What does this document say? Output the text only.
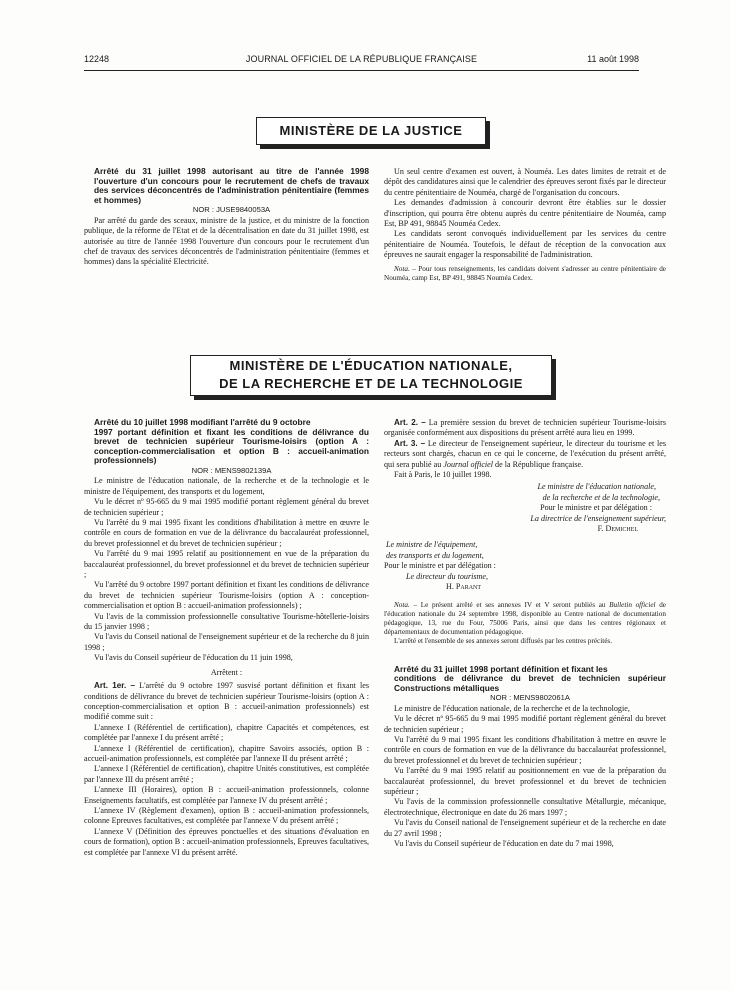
12248	JOURNAL OFFICIEL DE LA RÉPUBLIQUE FRANÇAISE	11 août 1998
MINISTÈRE DE LA JUSTICE

Arrêté du 31 juillet 1998 autorisant au titre de l'année 1998 l'ouverture d'un concours pour le recrutement de chefs de travaux des services déconcentrés de l'administration pénitentiaire (femmes et hommes)

NOR : JUSE9840053A

Par arrêté du garde des sceaux, ministre de la justice, et du ministre de la fonction publique, de la réforme de l'Etat et de la décentralisation en date du 31 juillet 1998, est autorisée au titre de l'année 1998 l'ouverture d'un concours pour le recrutement d'un chef de travaux des services déconcentrés de l'administration pénitentiaire (femmes et hommes) dans la spécialité Electricité.

Un seul centre d'examen est ouvert, à Nouméa. Les dates limites de retrait et de dépôt des candidatures ainsi que le calendrier des épreuves seront fixés par le directeur du centre pénitentiaire de Nouméa, chargé de l'organisation du concours.

Les demandes d'admission à concourir devront être établies sur le dossier d'inscription, qui pourra être obtenu auprès du centre pénitentiaire de Nouméa, camp Est, BP 491, 98845 Nouméa Cedex.

Les candidats seront convoqués individuellement par les services du centre pénitentiaire de Nouméa. Toutefois, le défaut de réception de la convocation aux épreuves ne saurait engager la responsabilité de l'administration.

Nota. – Pour tous renseignements, les candidats doivent s'adresser au centre pénitentiaire de Nouméa, camp Est, BP 491, 98845 Nouméa Cedex.

MINISTÈRE DE L'ÉDUCATION NATIONALE,
DE LA RECHERCHE ET DE LA TECHNOLOGIE

Arrêté du 10 juillet 1998 modifiant l'arrêté du 9 octobre
1997 portant définition et fixant les conditions de délivrance du brevet de technicien supérieur Tourisme-loisirs (option A : conception-commercialisation et option B : accueil-animation professionnels)

NOR : MENS9802139A

Le ministre de l'éducation nationale, de la recherche et de la technologie et le ministre de l'équipement, des transports et du logement,

Vu le décret nº 95-665 du 9 mai 1995 modifié portant règlement général du brevet de technicien supérieur ;

Vu l'arrêté du 9 mai 1995 fixant les conditions d'habilitation à mettre en œuvre le contrôle en cours de formation en vue de la délivrance du baccalauréat professionnel, du brevet professionnel et du brevet de technicien supérieur ;

Vu l'arrêté du 9 mai 1995 relatif au positionnement en vue de la préparation du baccalauréat professionnel, du brevet professionnel et du brevet de technicien supérieur ;

Vu l'arrêté du 9 octobre 1997 portant définition et fixant les conditions de délivrance du brevet de technicien supérieur Tourisme-loisirs (option A : conception-commercialisation et option B : accueil-animation professionnels) ;

Vu l'avis de la commission professionnelle consultative Tourisme-hôtellerie-loisirs du 15 janvier 1998 ;

Vu l'avis du Conseil national de l'enseignement supérieur et de la recherche du 8 juin 1998 ;

Vu l'avis du Conseil supérieur de l'éducation du 11 juin 1998,

Arrêtent :

Art. 1er. – L'arrêté du 9 octobre 1997 susvisé portant définition et fixant les conditions de délivrance du brevet de technicien supérieur Tourisme-loisirs (option A : conception-commercialisation et option B : accueil-animation professionnels) est modifié comme suit :

L'annexe I (Référentiel de certification), chapitre Capacités et compétences, est complétée par l'annexe I du présent arrêté ;

L'annexe I (Référentiel de certification), chapitre Savoirs associés, option B : accueil-animation professionnels, est complétée par l'annexe II du présent arrêté ;

L'annexe I (Référentiel de certification), chapitre Unités constitutives, est complétée par l'annexe III du présent arrêté ;

L'annexe III (Horaires), option B : accueil-animation professionnels, colonne Enseignements facultatifs, est complétée par l'annexe IV du présent arrêté ;

L'annexe IV (Règlement d'examen), option B : accueil-animation professionnels, colonne Epreuves facultatives, est complétée par l'annexe V du présent arrêté ;

L'annexe V (Définition des épreuves ponctuelles et des situations d'évaluation en cours de formation), option B : accueil-animation professionnels, Epreuves facultatives, est complétée par l'annexe VI du présent arrêté.

Art. 2. – La première session du brevet de technicien supérieur Tourisme-loisirs organisée conformément aux dispositions du présent arrêté aura lieu en 1999.

Art. 3. – Le directeur de l'enseignement supérieur, le directeur du tourisme et les recteurs sont chargés, chacun en ce qui le concerne, de l'exécution du présent arrêté, qui sera publié au Journal officiel de la République française.

Fait à Paris, le 10 juillet 1998.

Le ministre de l'éducation nationale,

de la recherche et de la technologie,

Pour le ministre et par délégation :

La directrice de l'enseignement supérieur,

F. Demichel

Le ministre de l'équipement,

des transports et du logement,

Pour le ministre et par délégation :

Le directeur du tourisme,

H. Parant

Nota. – Le présent arrêté et ses annexes IV et V seront publiés au Bulletin officiel de l'éducation nationale du 24 septembre 1998, disponible au Centre national de documentation pédagogique, 13, rue du Four, 75006 Paris, ainsi que dans les centres régionaux et départementaux de documentation pédagogique.

L'arrêté et l'ensemble de ses annexes seront diffusés par les centres précités.

Arrêté du 31 juillet 1998 portant définition et fixant les
conditions de délivrance du brevet de technicien supérieur Constructions métalliques

NOR : MENS9802061A

Le ministre de l'éducation nationale, de la recherche et de la technologie,

Vu le décret nº 95-665 du 9 mai 1995 modifié portant règlement général du brevet de technicien supérieur ;

Vu l'arrêté du 9 mai 1995 fixant les conditions d'habilitation à mettre en œuvre le contrôle en cours de formation en vue de la délivrance du baccalauréat professionnel, du brevet professionnel et du brevet de technicien supérieur ;

Vu l'arrêté du 9 mai 1995 relatif au positionnement en vue de la préparation du baccalauréat professionnel, du brevet professionnel et du brevet de technicien supérieur ;

Vu l'avis de la commission professionnelle consultative Métallurgie, mécanique, électrotechnique, électronique en date du 26 mars 1997 ;

Vu l'avis du Conseil national de l'enseignement supérieur et de la recherche en date du 27 avril 1998 ;

Vu l'avis du Conseil supérieur de l'éducation en date du 7 mai 1998,
